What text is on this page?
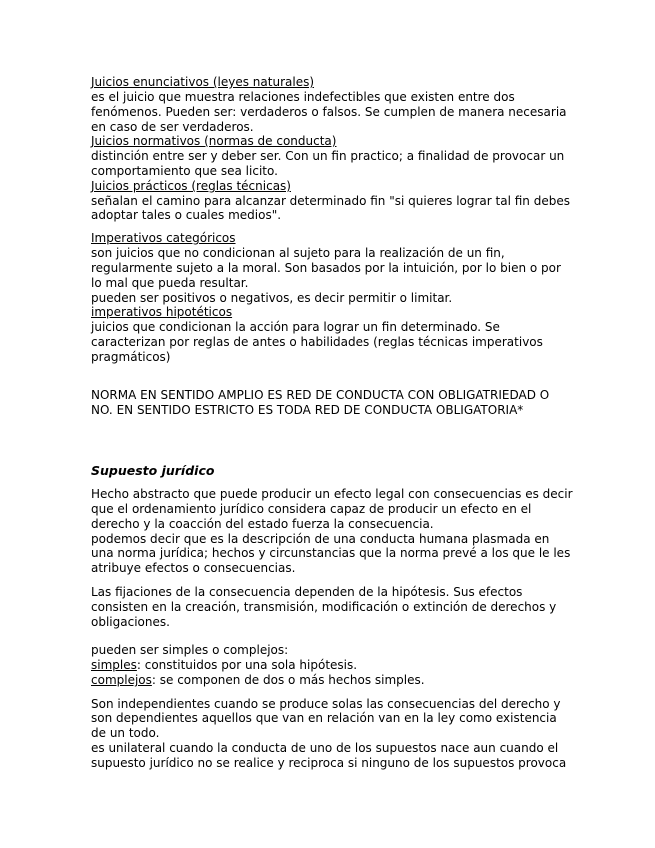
Juicios enunciativos (leyes naturales)
es el juicio que muestra relaciones indefectibles que existen entre dos
fenómenos. Pueden ser: verdaderos o falsos. Se cumplen de manera necesaria
en caso de ser verdaderos.
Juicios normativos (normas de conducta)
distinción entre ser y deber ser. Con un fin practico; a finalidad de provocar un
comportamiento que sea licito.
Juicios prácticos (reglas técnicas)
señalan el camino para alcanzar determinado fin "si quieres lograr tal fin debes
adoptar tales o cuales medios".
Imperativos categóricos
son juicios que no condicionan al sujeto para la realización de un fin,
regularmente sujeto a la moral. Son basados por la intuición, por lo bien o por
lo mal que pueda resultar.
pueden ser positivos o negativos, es decir permitir o limitar.
imperativos hipotéticos
juicios que condicionan la acción para lograr un fin determinado. Se
caracterizan por reglas de antes o habilidades (reglas técnicas imperativos
pragmáticos)
NORMA EN SENTIDO AMPLIO ES RED DE CONDUCTA CON OBLIGATRIEDAD O
NO. EN SENTIDO ESTRICTO ES TODA RED DE CONDUCTA OBLIGATORIA*
Supuesto jurídico
Hecho abstracto que puede producir un efecto legal con consecuencias es decir
que el ordenamiento jurídico considera capaz de producir un efecto en el
derecho y la coacción del estado fuerza la consecuencia.
podemos decir que es la descripción de una conducta humana plasmada en
una norma jurídica; hechos y circunstancias que la norma prevé a los que le les
atribuye efectos o consecuencias.
Las fijaciones de la consecuencia dependen de la hipótesis. Sus efectos
consisten en la creación, transmisión, modificación o extinción de derechos y
obligaciones.
pueden ser simples o complejos:
simples: constituidos por una sola hipótesis.
complejos: se componen de dos o más hechos simples.
Son independientes cuando se produce solas las consecuencias del derecho y
son dependientes aquellos que van en relación van en la ley como existencia
de un todo.
es unilateral cuando la conducta de uno de los supuestos nace aun cuando el
supuesto jurídico no se realice y reciproca si ninguno de los supuestos provoca
